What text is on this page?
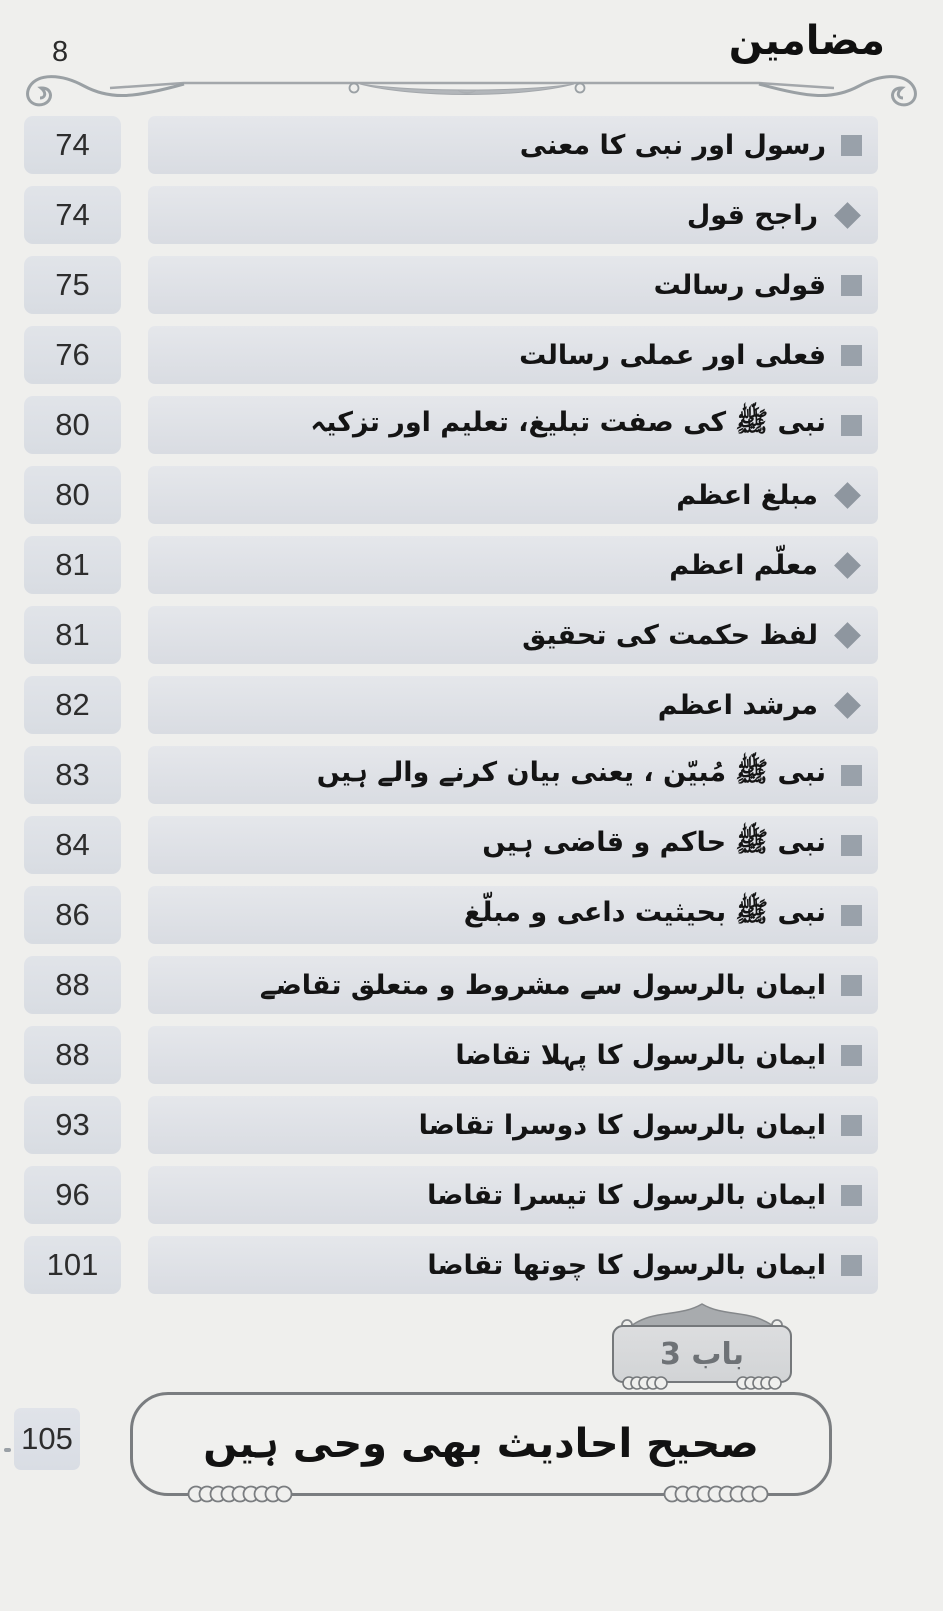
8	مضامین
74	رسول اور نبی کا معنی
74	راجح قول
75	قولی رسالت
76	فعلی اور عملی رسالت
80	نبی ﷺ کی صفت تبلیغ، تعلیم اور تزکیہ
80	مبلغ اعظم
81	معلّم اعظم
81	لفظ حکمت کی تحقیق
82	مرشد اعظم
83	نبی ﷺ مُبیّن ، یعنی بیان کرنے والے ہیں
84	نبی ﷺ حاکم و قاضی ہیں
86	نبی ﷺ بحیثیت داعی و مبلّغ
88	ایمان بالرسول سے مشروط و متعلق تقاضے
88	ایمان بالرسول کا پہلا تقاضا
93	ایمان بالرسول کا دوسرا تقاضا
96	ایمان بالرسول کا تیسرا تقاضا
101	ایمان بالرسول کا چوتھا تقاضا
باب 3
صحیح احادیث بھی وحی ہیں
105
